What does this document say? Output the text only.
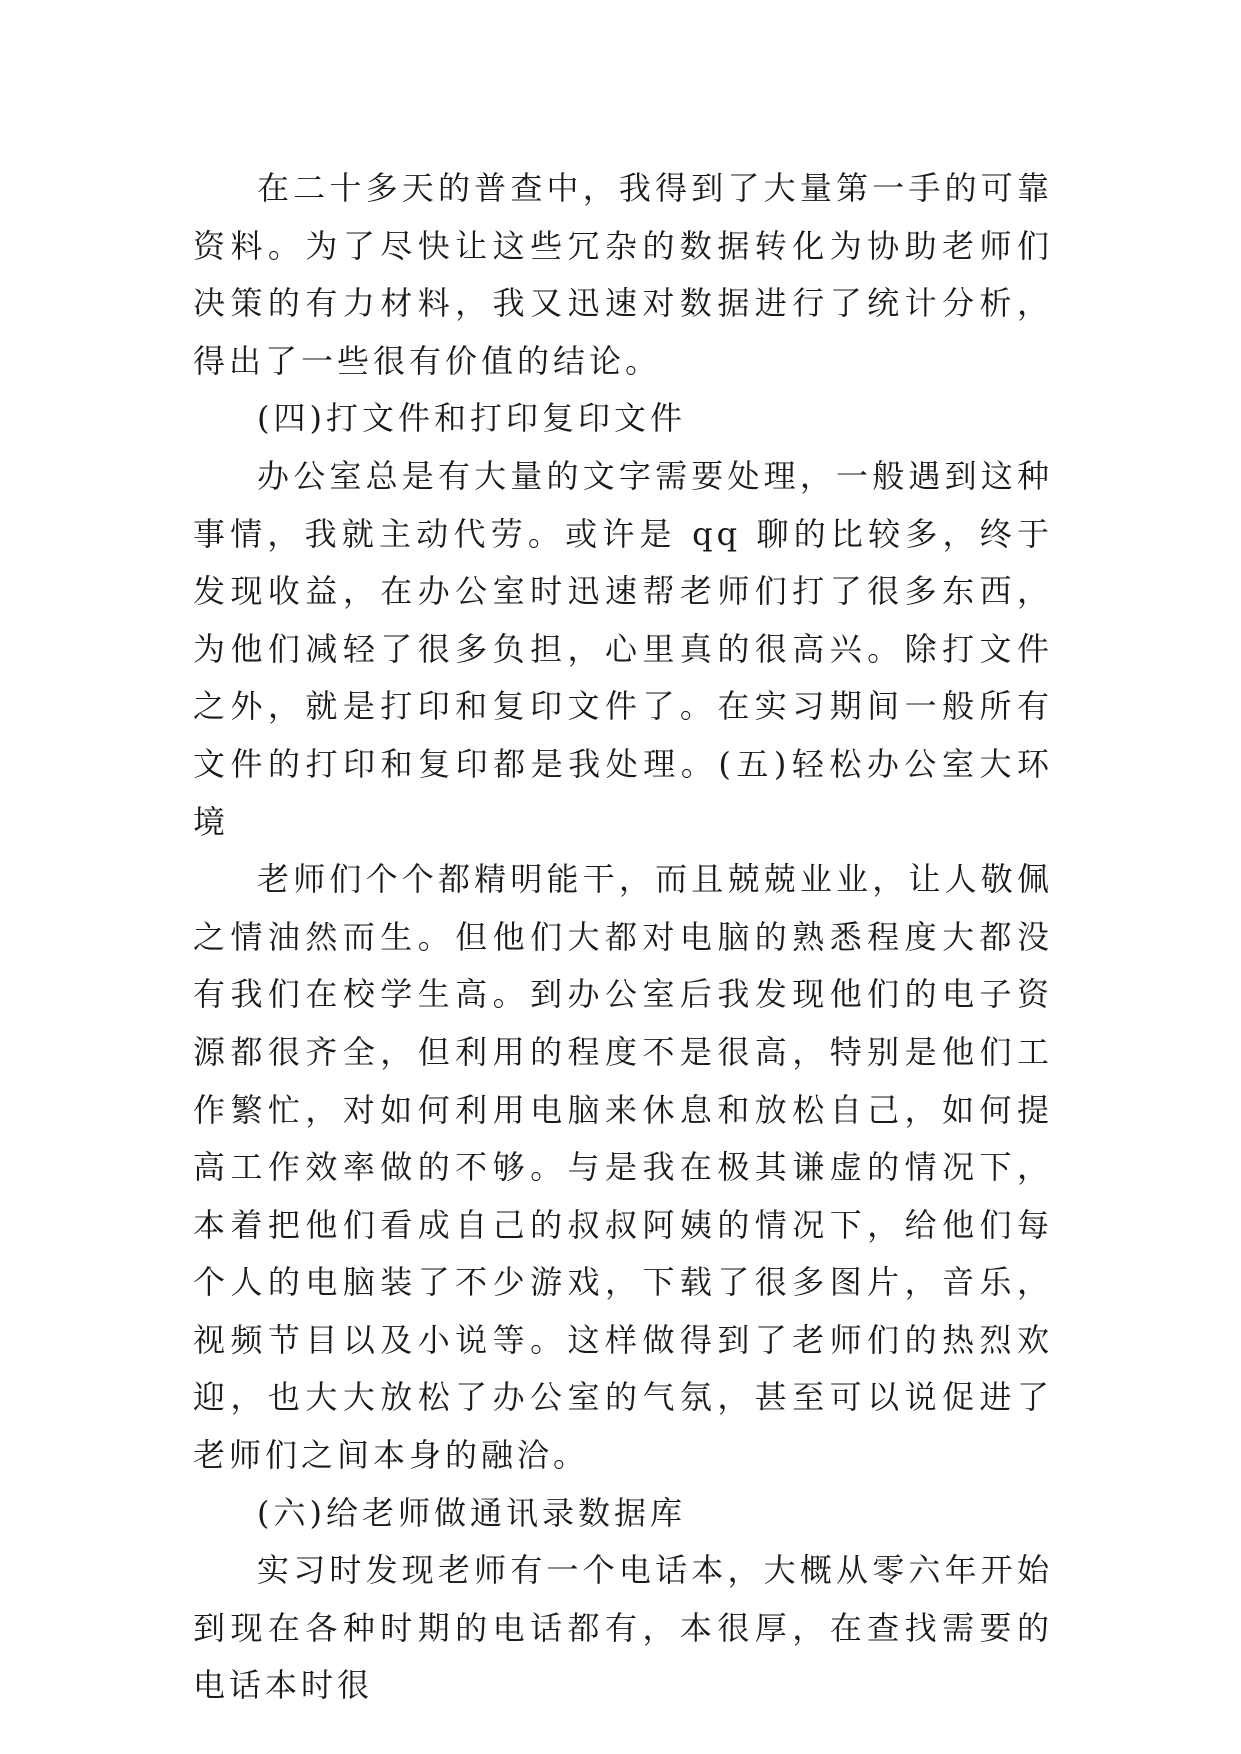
在二十多天的普查中，我得到了大量第一手的可靠资料。为了尽快让这些冗杂的数据转化为协助老师们决策的有力材料，我又迅速对数据进行了统计分析，得出了一些很有价值的结论。

(四)打文件和打印复印文件

办公室总是有大量的文字需要处理，一般遇到这种事情，我就主动代劳。或许是 qq 聊的比较多，终于发现收益，在办公室时迅速帮老师们打了很多东西，为他们减轻了很多负担，心里真的很高兴。除打文件之外，就是打印和复印文件了。在实习期间一般所有文件的打印和复印都是我处理。(五)轻松办公室大环境

老师们个个都精明能干，而且兢兢业业，让人敬佩之情油然而生。但他们大都对电脑的熟悉程度大都没有我们在校学生高。到办公室后我发现他们的电子资源都很齐全，但利用的程度不是很高，特别是他们工作繁忙，对如何利用电脑来休息和放松自己，如何提高工作效率做的不够。与是我在极其谦虚的情况下，本着把他们看成自己的叔叔阿姨的情况下，给他们每个人的电脑装了不少游戏，下载了很多图片，音乐，视频节目以及小说等。这样做得到了老师们的热烈欢迎，也大大放松了办公室的气氛，甚至可以说促进了老师们之间本身的融洽。

(六)给老师做通讯录数据库

实习时发现老师有一个电话本，大概从零六年开始到现在各种时期的电话都有，本很厚，在查找需要的电话本时很
